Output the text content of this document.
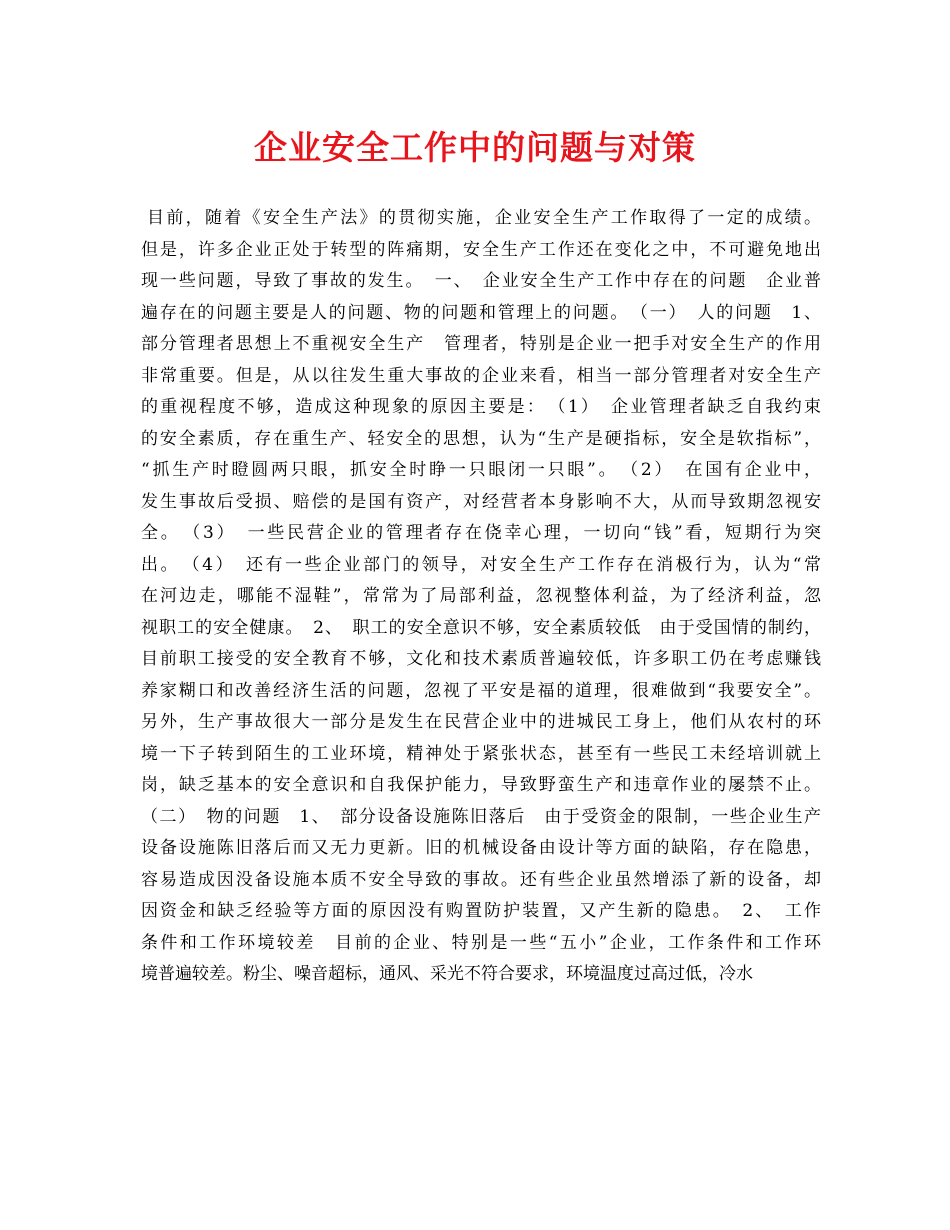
企业安全工作中的问题与对策
目前，随着《安全生产法》的贯彻实施，企业安全生产工作取得了一定的成绩。
但是，许多企业正处于转型的阵痛期，安全生产工作还在变化之中，不可避免地出
现一些问题，导致了事故的发生。　一、　企业安全生产工作中存在的问题　企业普
遍存在的问题主要是人的问题、物的问题和管理上的问题。　（一）　人的问题　1、
部分管理者思想上不重视安全生产　管理者，特别是企业一把手对安全生产的作用
非常重要。但是，从以往发生重大事故的企业来看，相当一部分管理者对安全生产
的重视程度不够，造成这种现象的原因主要是：　（1）　企业管理者缺乏自我约束
的安全素质，存在重生产、轻安全的思想，认为“生产是硬指标，安全是软指标”，
“抓生产时瞪圆两只眼，抓安全时睁一只眼闭一只眼”。　（2）　在国有企业中，
发生事故后受损、赔偿的是国有资产，对经营者本身影响不大，从而导致期忽视安
全。　（3）　一些民营企业的管理者存在侥幸心理，一切向“钱”看，短期行为突
出。　（4）　还有一些企业部门的领导，对安全生产工作存在消极行为，认为“常
在河边走，哪能不湿鞋”，常常为了局部利益，忽视整体利益，为了经济利益，忽
视职工的安全健康。　2、　职工的安全意识不够，安全素质较低　由于受国情的制约，
目前职工接受的安全教育不够，文化和技术素质普遍较低，许多职工仍在考虑赚钱
养家糊口和改善经济生活的问题，忽视了平安是福的道理，很难做到“我要安全”。
另外，生产事故很大一部分是发生在民营企业中的进城民工身上，他们从农村的环
境一下子转到陌生的工业环境，精神处于紧张状态，甚至有一些民工未经培训就上
岗，缺乏基本的安全意识和自我保护能力，导致野蛮生产和违章作业的屡禁不止。
（二）　物的问题　1、　部分设备设施陈旧落后　由于受资金的限制，一些企业生产
设备设施陈旧落后而又无力更新。旧的机械设备由设计等方面的缺陷，存在隐患，
容易造成因没备设施本质不安全导致的事故。还有些企业虽然增添了新的设备，却
因资金和缺乏经验等方面的原因没有购置防护装置，又产生新的隐患。　2、　工作
条件和工作环境较差　目前的企业、特别是一些“五小”企业，工作条件和工作环
境普遍较差。粉尘、噪音超标，通风、采光不符合要求，环境温度过高过低，冷水
